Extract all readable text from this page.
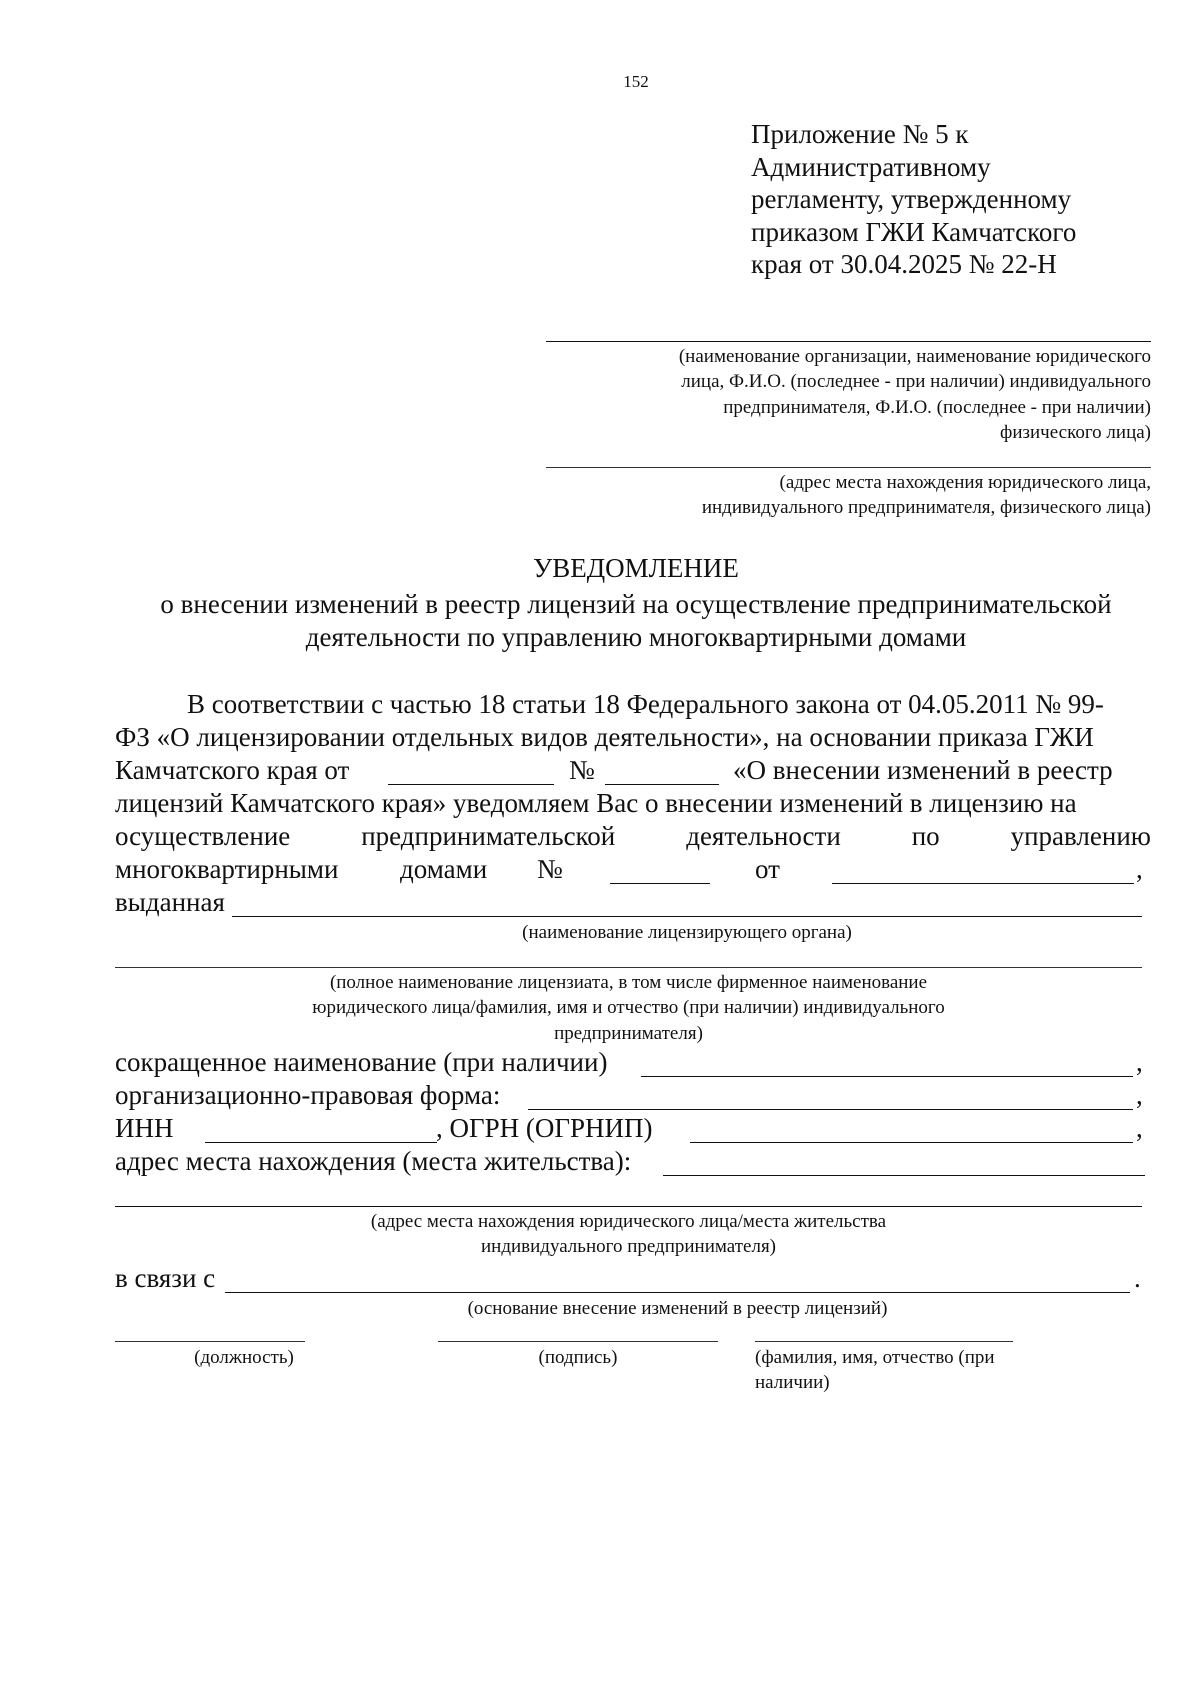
152
Приложение № 5 к
Административному
регламенту, утвержденному
приказом ГЖИ Камчатского
края от 30.04.2025 № 22-Н
(наименование организации, наименование юридического
лица, Ф.И.О. (последнее - при наличии) индивидуального
предпринимателя, Ф.И.О. (последнее - при наличии)
физического лица)
(адрес места нахождения юридического лица,
индивидуального предпринимателя, физического лица)
УВЕДОМЛЕНИЕ
о внесении изменений в реестр лицензий на осуществление предпринимательской
деятельности по управлению многоквартирными домами
В соответствии с частью 18 статьи 18 Федерального закона от 04.05.2011 № 99-
ФЗ «О лицензировании отдельных видов деятельности», на основании приказа ГЖИ
Камчатского края от	№	«О внесении изменений в реестр
лицензий Камчатского края» уведомляем Вас о внесении изменений в лицензию на
осуществление	предпринимательской	деятельности	по	управлению
многоквартирными домами №	от	,
выданная
(наименование лицензирующего органа)
(полное наименование лицензиата, в том числе фирменное наименование
юридического лица/фамилия, имя и отчество (при наличии) индивидуального
предпринимателя)
сокращенное наименование (при наличии)	,
организационно-правовая форма:	,
ИНН	, ОГРН (ОГРНИП)	,
адрес места нахождения (места жительства):
(адрес места нахождения юридического лица/места жительства
индивидуального предпринимателя)
в связи с	.
(основание внесение изменений в реестр лицензий)
(должность)	(подпись)	(фамилия, имя, отчество (при
наличии)
